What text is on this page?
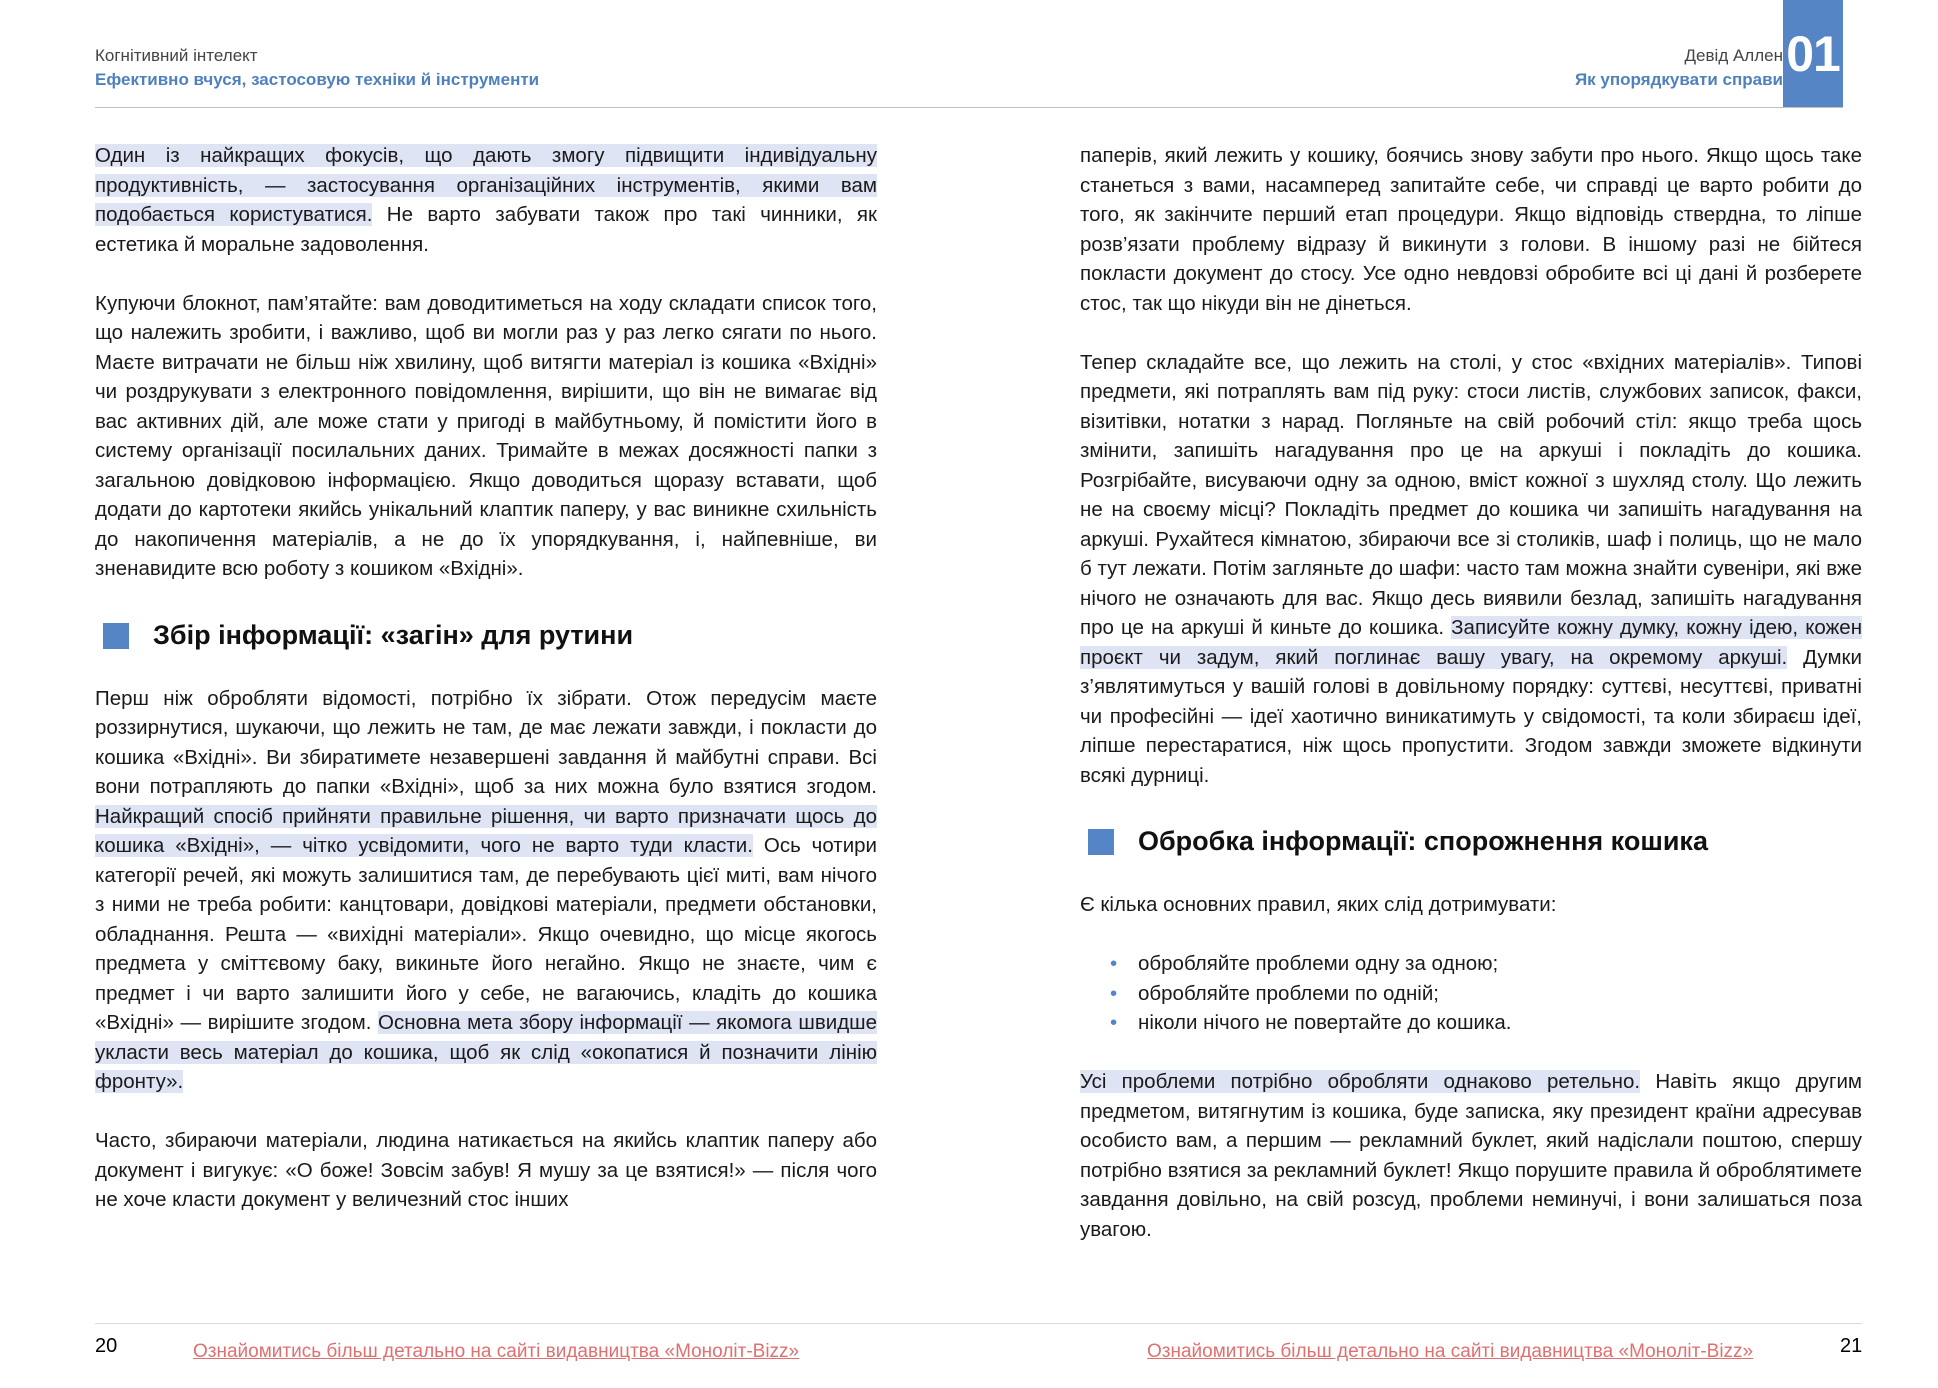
Когнітивний інтелект
Ефективно вчуся, застосовую техніки й інструменти
Девід Аллен
Як упорядкувати справи 01

Один із найкращих фокусів, що дають змогу підвищити індивідуальну продуктивність, — застосування організаційних інструментів, якими вам подобається користуватися. Не варто забувати також про такі чинники, як естетика й моральне задоволення.

Купуючи блокнот, пам’ятайте: вам доводитиметься на ходу складати список того, що належить зробити, і важливо, щоб ви могли раз у раз легко сягати по нього. Маєте витрачати не більш ніж хвилину, щоб витягти матеріал із кошика «Вхідні» чи роздрукувати з електронного повідомлення, вирішити, що він не вимагає від вас активних дій, але може стати у пригоді в майбутньому, й помістити його в систему організації посилальних даних. Тримайте в межах досяжності папки з загальною довідковою інформацією. Якщо доводиться щоразу вставати, щоб додати до картотеки якийсь унікальний клаптик паперу, у вас виникне схильність до накопичення матеріалів, а не до їх упорядкування, і, найпевніше, ви зненавидите всю роботу з кошиком «Вхідні».

Збір інформації: «загін» для рутини

Перш ніж обробляти відомості, потрібно їх зібрати. Отож передусім маєте роззирнутися, шукаючи, що лежить не там, де має лежати завжди, і покласти до кошика «Вхідні». Ви збиратимете незавершені завдання й майбутні справи. Всі вони потрапляють до папки «Вхідні», щоб за них можна було взятися згодом. Найкращий спосіб прийняти правильне рішення, чи варто призначати щось до кошика «Вхідні», — чітко усвідомити, чого не варто туди класти. Ось чотири категорії речей, які можуть залишитися там, де перебувають цієї миті, вам нічого з ними не треба робити: канцтовари, довідкові матеріали, предмети обстановки, обладнання. Решта — «вихідні матеріали». Якщо очевидно, що місце якогось предмета у сміттєвому баку, викиньте його негайно. Якщо не знаєте, чим є предмет і чи варто залишити його у себе, не вагаючись, кладіть до кошика «Вхідні» — вирішите згодом. Основна мета збору інформації — якомога швидше укласти весь матеріал до кошика, щоб як слід «окопатися й позначити лінію фронту».

Часто, збираючи матеріали, людина натикається на якийсь клаптик паперу або документ і вигукує: «О боже! Зовсім забув! Я мушу за це взятися!» — після чого не хоче класти документ у величезний стос інших

паперів, який лежить у кошику, боячись знову забути про нього. Якщо щось таке станеться з вами, насамперед запитайте себе, чи справді це варто робити до того, як закінчите перший етап процедури. Якщо відповідь ствердна, то ліпше розв’язати проблему відразу й викинути з голови. В іншому разі не бійтеся покласти документ до стосу. Усе одно невдовзі обробите всі ці дані й розберете стос, так що нікуди він не дінеться.

Тепер складайте все, що лежить на столі, у стос «вхідних матеріалів». Типові предмети, які потраплять вам під руку: стоси листів, службових записок, факси, візитівки, нотатки з нарад. Погляньте на свій робочий стіл: якщо треба щось змінити, запишіть нагадування про це на аркуші і покладіть до кошика. Розгрібайте, висуваючи одну за одною, вміст кожної з шухляд столу. Що лежить не на своєму місці? Покладіть предмет до кошика чи запишіть нагадування на аркуші. Рухайтеся кімнатою, збираючи все зі столиків, шаф і полиць, що не мало б тут лежати. Потім загляньте до шафи: часто там можна знайти сувеніри, які вже нічого не означають для вас. Якщо десь виявили безлад, запишіть нагадування про це на аркуші й киньте до кошика. Записуйте кожну думку, кожну ідею, кожен проєкт чи задум, який поглинає вашу увагу, на окремому аркуші. Думки з’являтимуться у вашій голові в довільному порядку: суттєві, несуттєві, приватні чи професійні — ідеї хаотично виникатимуть у свідомості, та коли збираєш ідеї, ліпше перестаратися, ніж щось пропустити. Згодом завжди зможете відкинути всякі дурниці.

Обробка інформації: спорожнення кошика

Є кілька основних правил, яких слід дотримувати:

• обробляйте проблеми одну за одною;
• обробляйте проблеми по одній;
• ніколи нічого не повертайте до кошика.

Усі проблеми потрібно обробляти однаково ретельно. Навіть якщо другим предметом, витягнутим із кошика, буде записка, яку президент країни адресував особисто вам, а першим — рекламний буклет, який надіслали поштою, спершу потрібно взятися за рекламний буклет! Якщо порушите правила й оброблятимете завдання довільно, на свій розсуд, проблеми неминучі, і вони залишаться поза увагою.

20	Ознайомитись більш детально на сайті видавництва «Моноліт-Bizz»	Ознайомитись більш детально на сайті видавництва «Моноліт-Bizz»	21
